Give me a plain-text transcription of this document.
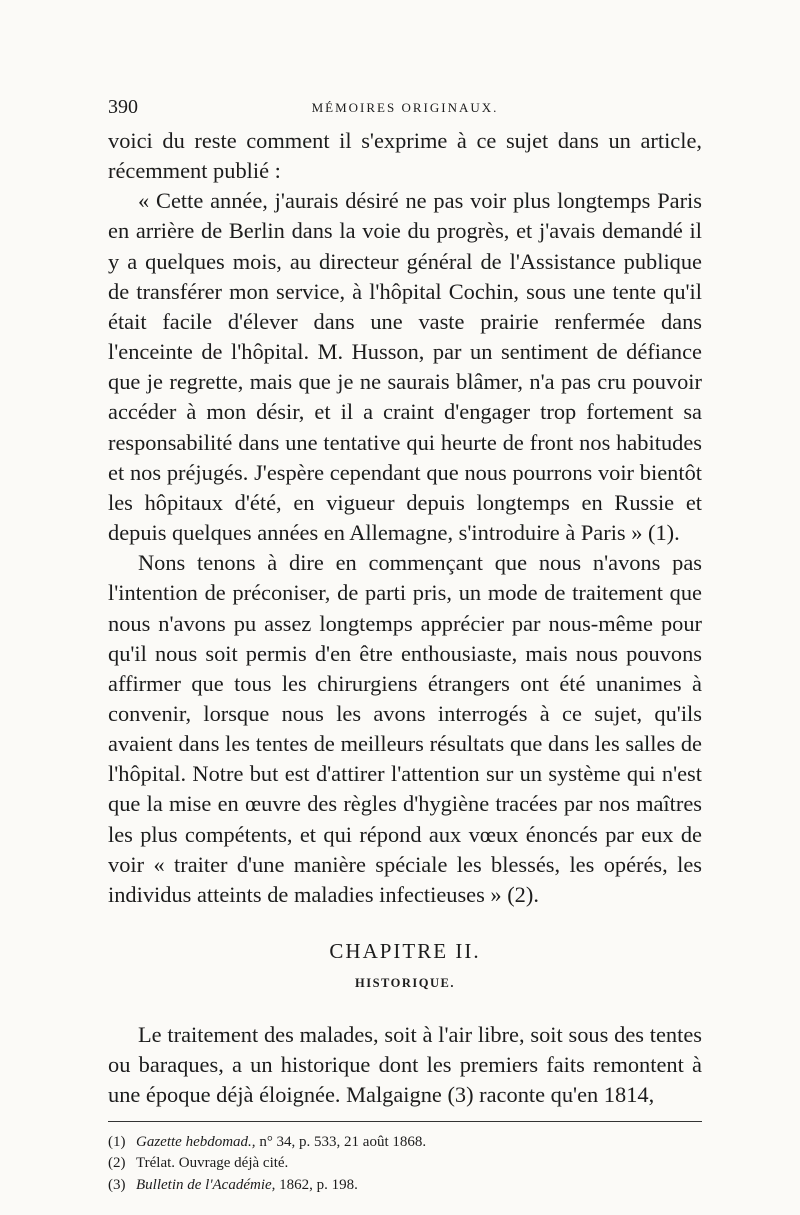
390	MÉMOIRES ORIGINAUX.

voici du reste comment il s'exprime à ce sujet dans un article, récemment publié :

« Cette année, j'aurais désiré ne pas voir plus longtemps Paris en arrière de Berlin dans la voie du progrès, et j'avais demandé il y a quelques mois, au directeur général de l'Assistance publique de transférer mon service, à l'hôpital Cochin, sous une tente qu'il était facile d'élever dans une vaste prairie renfermée dans l'enceinte de l'hôpital. M. Husson, par un sentiment de défiance que je regrette, mais que je ne saurais blâmer, n'a pas cru pouvoir accéder à mon désir, et il a craint d'engager trop fortement sa responsabilité dans une tentative qui heurte de front nos habitudes et nos préjugés. J'espère cependant que nous pourrons voir bientôt les hôpitaux d'été, en vigueur depuis longtemps en Russie et depuis quelques années en Allemagne, s'introduire à Paris » (1).

Nons tenons à dire en commençant que nous n'avons pas l'intention de préconiser, de parti pris, un mode de traitement que nous n'avons pu assez longtemps apprécier par nous-même pour qu'il nous soit permis d'en être enthousiaste, mais nous pouvons affirmer que tous les chirurgiens étrangers ont été unanimes à convenir, lorsque nous les avons interrogés à ce sujet, qu'ils avaient dans les tentes de meilleurs résultats que dans les salles de l'hôpital. Notre but est d'attirer l'attention sur un système qui n'est que la mise en œuvre des règles d'hygiène tracées par nos maîtres les plus compétents, et qui répond aux vœux énoncés par eux de voir « traiter d'une manière spéciale les blessés, les opérés, les individus atteints de maladies infectieuses » (2).

CHAPITRE II.
HISTORIQUE.

Le traitement des malades, soit à l'air libre, soit sous des tentes ou baraques, a un historique dont les premiers faits remontent à une époque déjà éloignée. Malgaigne (3) raconte qu'en 1814,

(1) Gazette hebdomad., n° 34, p. 533, 21 août 1868.

(2) Trélat. Ouvrage déjà cité.

(3) Bulletin de l'Académie, 1862, p. 198.
